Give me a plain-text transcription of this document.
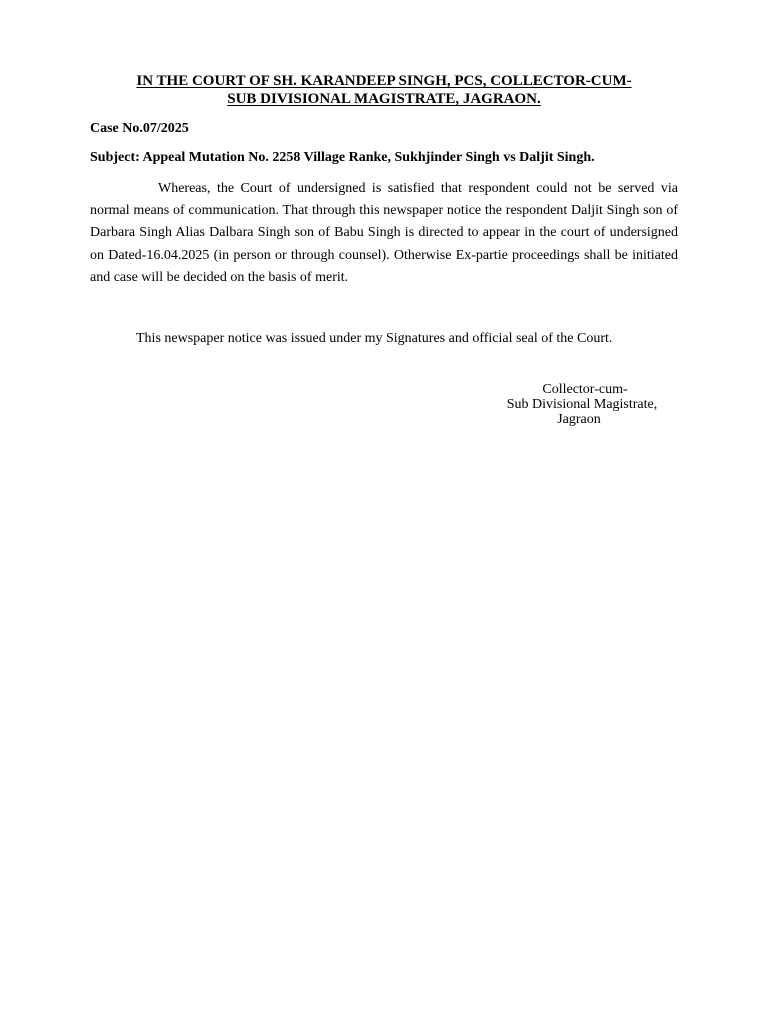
IN THE COURT OF SH. KARANDEEP SINGH, PCS, COLLECTOR-CUM-
SUB DIVISIONAL MAGISTRATE, JAGRAON.
Case No.07/2025
Subject: Appeal Mutation No. 2258 Village Ranke, Sukhjinder Singh vs Daljit Singh.

Whereas, the Court of undersigned is satisfied that respondent could not be served via normal means of communication. That through this newspaper notice the respondent Daljit Singh son of Darbara Singh Alias Dalbara Singh son of Babu Singh is directed to appear in the court of undersigned on Dated-16.04.2025 (in person or through counsel). Otherwise Ex-partie proceedings shall be initiated and case will be decided on the basis of merit.

This newspaper notice was issued under my Signatures and official seal of the Court.
Collector-cum-
Sub Divisional Magistrate,
Jagraon
